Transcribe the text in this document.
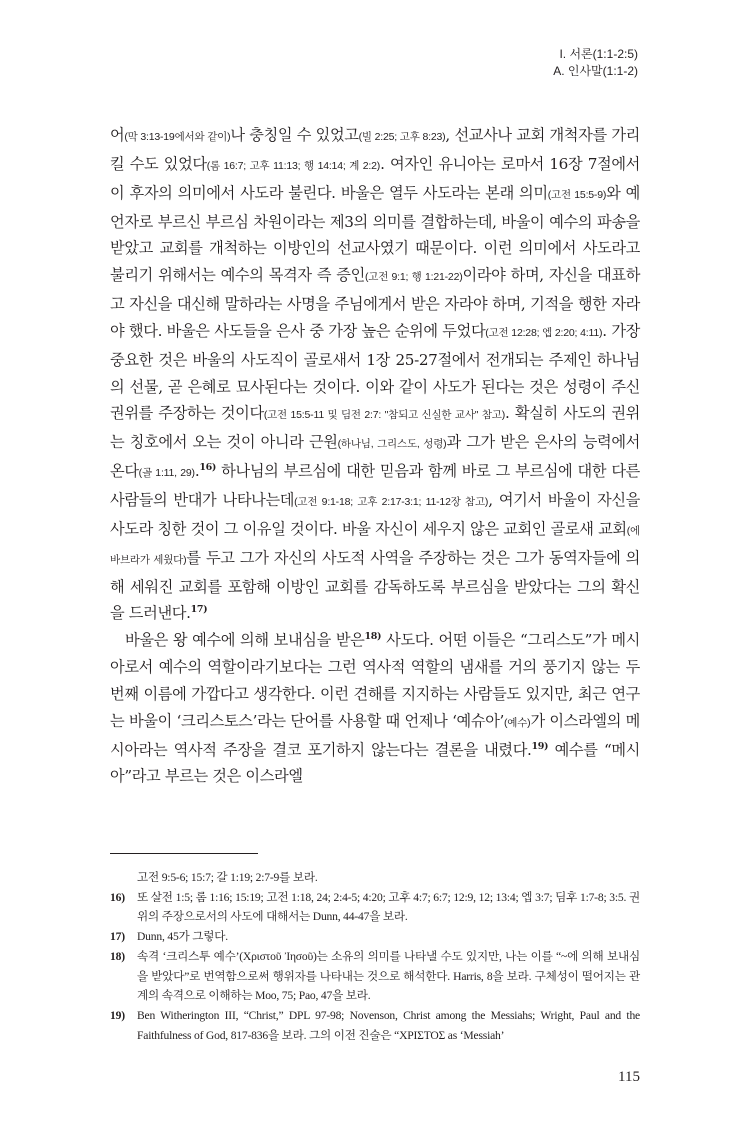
I. 서론(1:1-2:5)
A. 인사말(1:1-2)

어(막 3:13-19에서와 같이)나 충칭일 수 있었고(빌 2:25; 고후 8:23), 선교사나 교회 개척자를 가리킬 수도 있었다(롬 16:7; 고후 11:13; 행 14:14; 계 2:2). 여자인 유니아는 로마서 16장 7절에서 이 후자의 의미에서 사도라 불린다. 바울은 열두 사도라는 본래 의미(고전 15:5-9)와 예언자로 부르신 부르심 차원이라는 제3의 의미를 결합하는데, 바울이 예수의 파송을 받았고 교회를 개척하는 이방인의 선교사였기 때문이다. 이런 의미에서 사도라고 불리기 위해서는 예수의 목격자 즉 증인(고전 9:1; 행 1:21-22)이라야 하며, 자신을 대표하고 자신을 대신해 말하라는 사명을 주님에게서 받은 자라야 하며, 기적을 행한 자라야 했다. 바울은 사도들을 은사 중 가장 높은 순위에 두었다(고전 12:28; 엡 2:20; 4:11). 가장 중요한 것은 바울의 사도직이 골로새서 1장 25-27절에서 전개되는 주제인 하나님의 선물, 곧 은혜로 묘사된다는 것이다. 이와 같이 사도가 된다는 것은 성령이 주신 권위를 주장하는 것이다(고전 15:5-11 및 딤전 2:7: "참되고 신실한 교사" 참고). 확실히 사도의 권위는 칭호에서 오는 것이 아니라 근원(하나님, 그리스도, 성령)과 그가 받은 은사의 능력에서 온다(골 1:11, 29).$^{16)}$ 하나님의 부르심에 대한 믿음과 함께 바로 그 부르심에 대한 다른 사람들의 반대가 나타나는데(고전 9:1-18; 고후 2:17-3:1; 11-12장 참고), 여기서 바울이 자신을 사도라 칭한 것이 그 이유일 것이다. 바울 자신이 세우지 않은 교회인 골로새 교회(에바브라가 세웠다)를 두고 그가 자신의 사도적 사역을 주장하는 것은 그가 동역자들에 의해 세워진 교회를 포함해 이방인 교회를 감독하도록 부르심을 받았다는 그의 확신을 드러낸다.$^{17)}$

바울은 왕 예수에 의해 보내심을 받은$^{18)}$ 사도다. 어떤 이들은 “그리스도”가 메시아로서 예수의 역할이라기보다는 그런 역사적 역할의 냄새를 거의 풍기지 않는 두 번째 이름에 가깝다고 생각한다. 이런 견해를 지지하는 사람들도 있지만, 최근 연구는 바울이 ‘크리스토스’라는 단어를 사용할 때 언제나 ‘예슈아’(예수)가 이스라엘의 메시아라는 역사적 주장을 결코 포기하지 않는다는 결론을 내렸다.$^{19)}$ 예수를 “메시아”라고 부르는 것은 이스라엘

고전 9:5-6; 15:7; 갈 1:19; 2:7-9를 보라.
16)	또 살전 1:5; 롬 1:16; 15:19; 고전 1:18, 24; 2:4-5; 4:20; 고후 4:7; 6:7; 12:9, 12; 13:4; 엡 3:7; 딤후 1:7-8; 3:5. 권위의 주장으로서의 사도에 대해서는 Dunn, 44-47을 보라.
17)	Dunn, 45가 그렇다.
18)	속격 ‘크리스투 예수’(Χριστοῦ Ἰησοῦ)는 소유의 의미를 나타낼 수도 있지만, 나는 이를 “~에 의해 보내심을 받았다”로 번역함으로써 행위자를 나타내는 것으로 해석한다. Harris, 8을 보라. 구체성이 떨어지는 관계의 속격으로 이해하는 Moo, 75; Pao, 47을 보라.
19)	Ben Witherington III, “Christ,” DPL 97-98; Novenson, Christ among the Messiahs; Wright, Paul and the Faithfulness of God, 817-836을 보라. 그의 이전 진술은 “ΧΡΙΣΤΟΣ as ‘Messiah’
115
